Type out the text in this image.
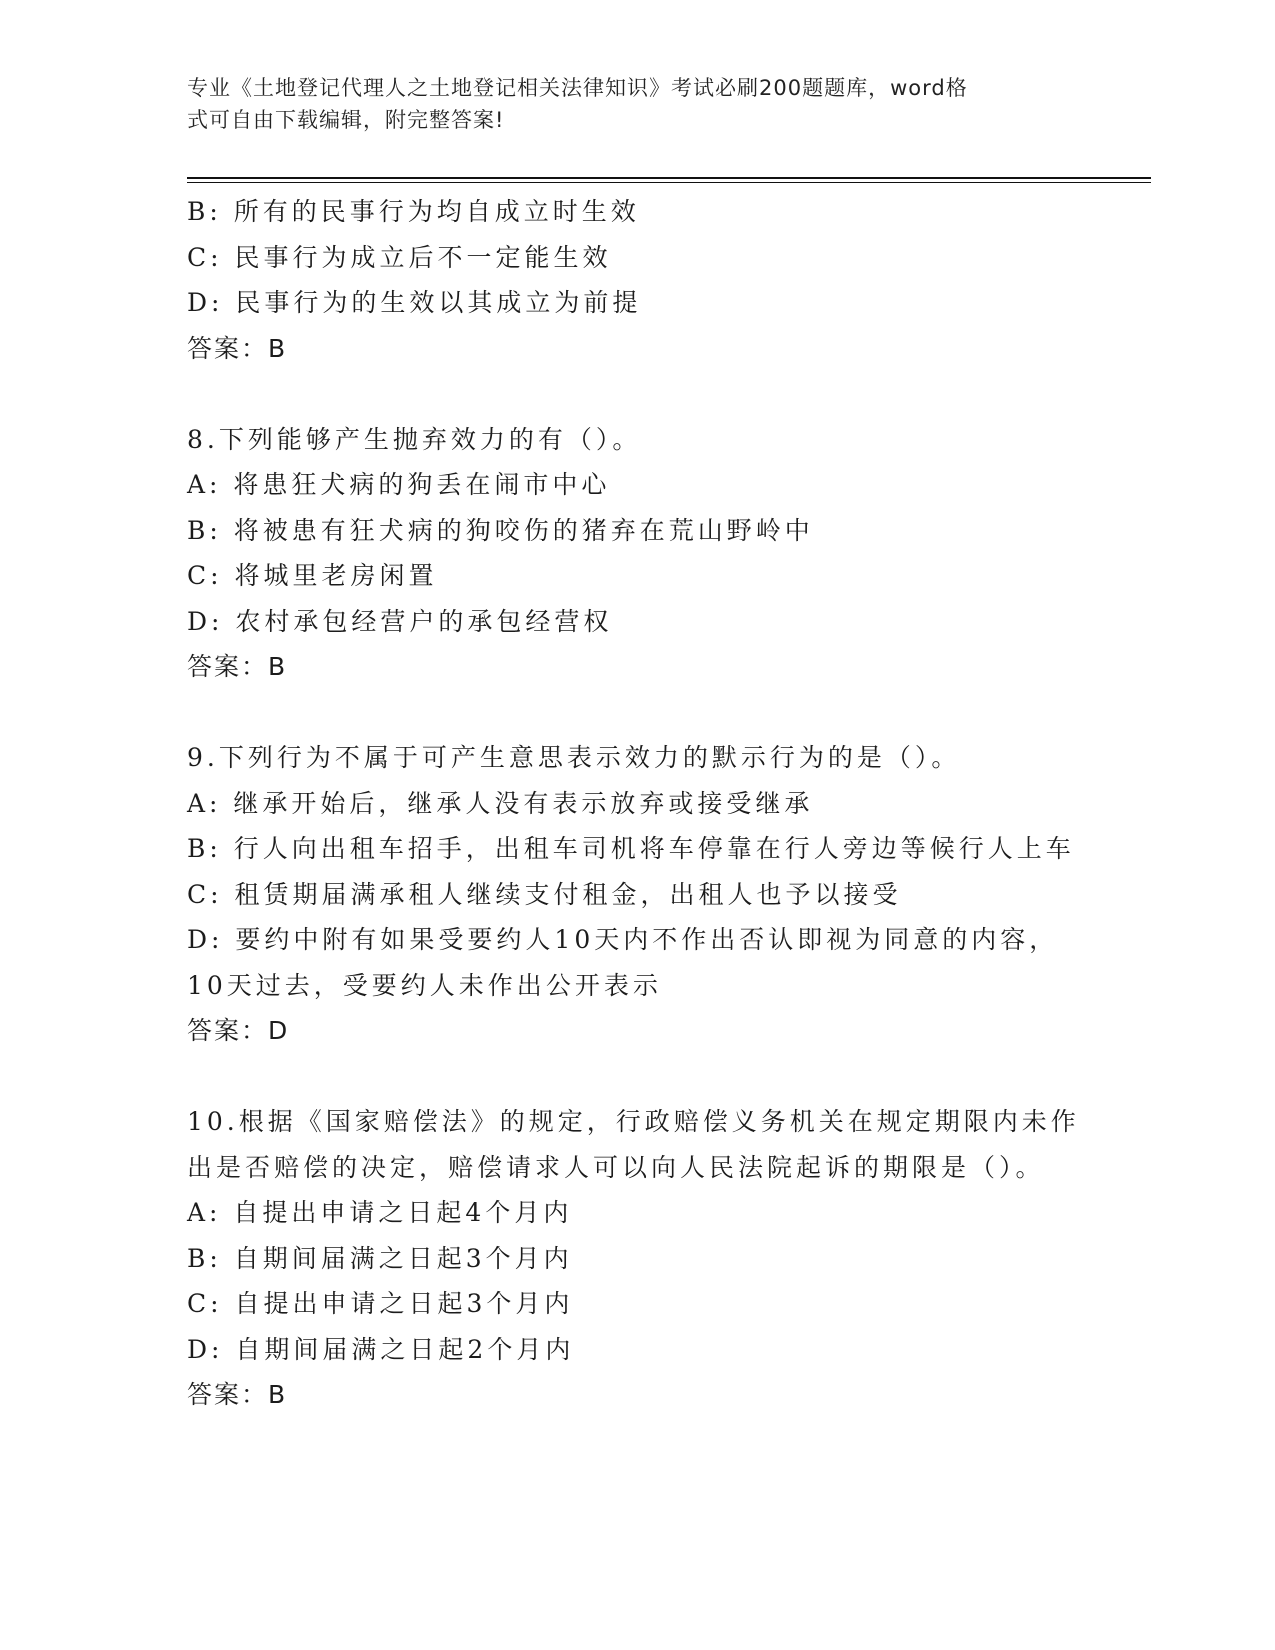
专业《土地登记代理人之土地登记相关法律知识》考试必刷200题题库，word格
式可自由下载编辑，附完整答案!
B: 所有的民事行为均自成立时生效
C: 民事行为成立后不一定能生效
D: 民事行为的生效以其成立为前提
答案：B
8.下列能够产生抛弃效力的有（）。
A: 将患狂犬病的狗丢在闹市中心
B: 将被患有狂犬病的狗咬伤的猪弃在荒山野岭中
C: 将城里老房闲置
D: 农村承包经营户的承包经营权
答案：B
9.下列行为不属于可产生意思表示效力的默示行为的是（）。
A: 继承开始后，继承人没有表示放弃或接受继承
B: 行人向出租车招手，出租车司机将车停靠在行人旁边等候行人上车
C: 租赁期届满承租人继续支付租金，出租人也予以接受
D: 要约中附有如果受要约人10天内不作出否认即视为同意的内容，
10天过去，受要约人未作出公开表示
答案：D
10.根据《国家赔偿法》的规定，行政赔偿义务机关在规定期限内未作
出是否赔偿的决定，赔偿请求人可以向人民法院起诉的期限是（）。
A: 自提出申请之日起4个月内
B: 自期间届满之日起3个月内
C: 自提出申请之日起3个月内
D: 自期间届满之日起2个月内
答案：B
